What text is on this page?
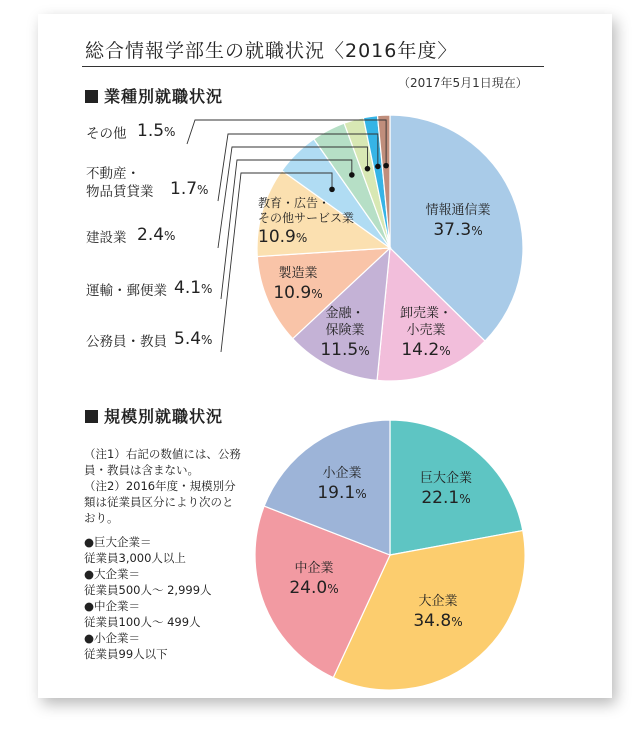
総合情報学部生の就職状況〈2016年度〉
（2017年5月1日現在）
業種別就職状況
規模別就職状況
その他 1.5%
不動産・
物品賃貸業 1.7%
建設業 2.4%
運輸・郵便業 4.1%
公務員・教員 5.4%
情報通信業
37.3%
卸売業・
小売業
14.2%
金融・
保険業
11.5%
製造業
10.9%
教育・広告・
その他サービス業
10.9%

（注1）右記の数値には、公務

員・教員は含まない。

（注2）2016年度・規模別分

類は従業員区分により次のと

おり。

●巨大企業＝
従業員3,000人以上
●大企業＝
従業員500人～ 2,999人
●中企業＝
従業員100人～ 499人
●小企業＝
従業員99人以下
巨大企業
22.1%
大企業
34.8%
中企業
24.0%
小企業
19.1%
